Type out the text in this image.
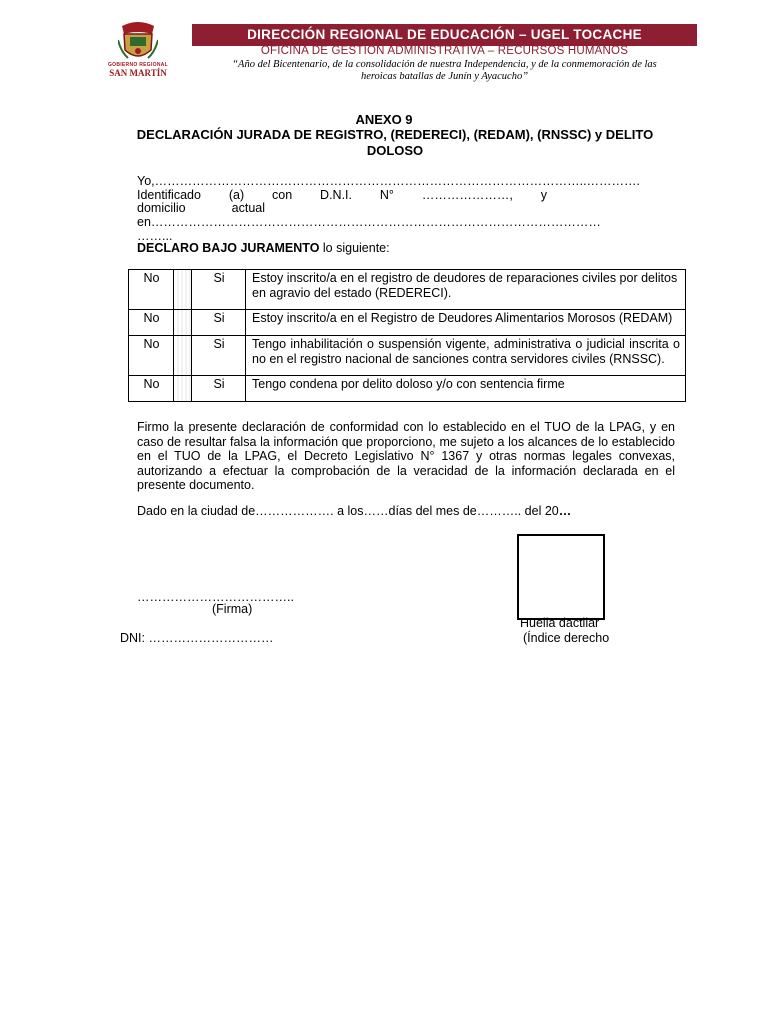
GOBIERNO REGIONAL
SAN MARTÍN
DIRECCIÓN REGIONAL DE EDUCACIÓN – UGEL TOCACHE
OFICINA DE GESTIÓN ADMINISTRATIVA – RECURSOS HUMANOS
“Año del Bicentenario, de la consolidación de nuestra Independencia, y de la conmemoración de las
heroicas batallas de Junín y Ayacucho”
ANEXO 9
DECLARACIÓN JURADA DE REGISTRO, (REDERECI), (REDAM), (RNSSC) y DELITO DOLOSO
Yo,…………………………………………………………………………………………..………….
Identificado (a) con D.N.I. N° …………………, y
domicilio	actual
en………………………………………………………………………………………………
……...
DECLARO BAJO JURAMENTO lo siguiente:
No		Si	Estoy inscrito/a en el registro de deudores de reparaciones civiles por delitos en agravio del estado (REDERECI).
No		Si	Estoy inscrito/a en el Registro de Deudores Alimentarios Morosos (REDAM)
No		Si	Tengo inhabilitación o suspensión vigente, administrativa o judicial inscrita o no en el registro nacional de sanciones contra servidores civiles (RNSSC).
No		Si	Tengo condena por delito doloso y/o con sentencia firme
Firmo la presente declaración de conformidad con lo establecido en el TUO de la LPAG, y en caso de resultar falsa la información que proporciono, me sujeto a los alcances de lo establecido en el TUO de la LPAG, el Decreto Legislativo N° 1367 y otras normas legales convexas, autorizando a efectuar la comprobación de la veracidad de la información declarada en el presente documento.
Dado en la ciudad de………………. a los……días del mes de……….. del 20…
………………………………..
(Firma)
Huella dactilar
(Índice derecho
DNI: …………………………
